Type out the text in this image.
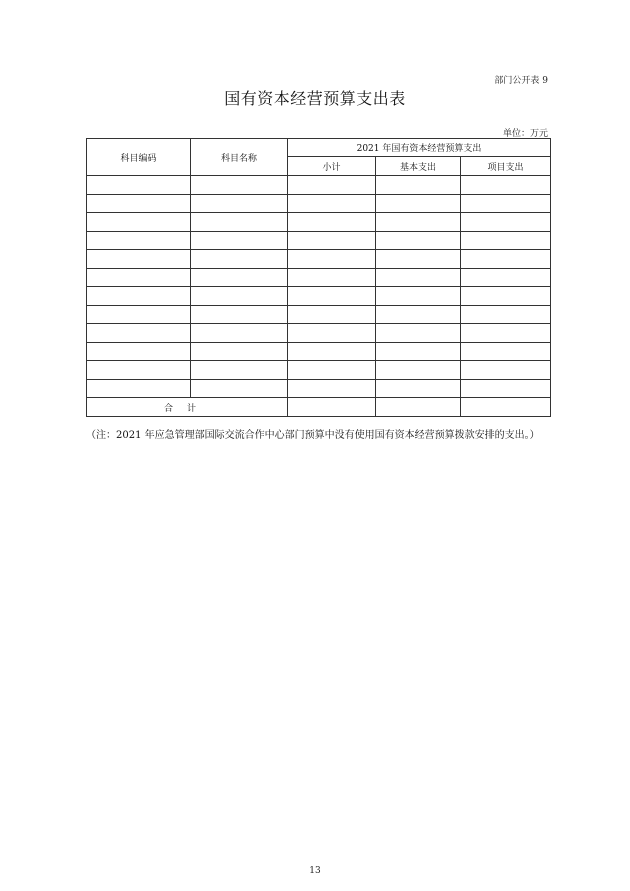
部门公开表 9
国有资本经营预算支出表
单位：万元
科目编码	科目名称	2021 年国有资本经营预算支出		
		小计	基本支出	项目支出

合计				
（注：2021 年应急管理部国际交流合作中心部门预算中没有使用国有资本经营预算拨款安排的支出。）
13
